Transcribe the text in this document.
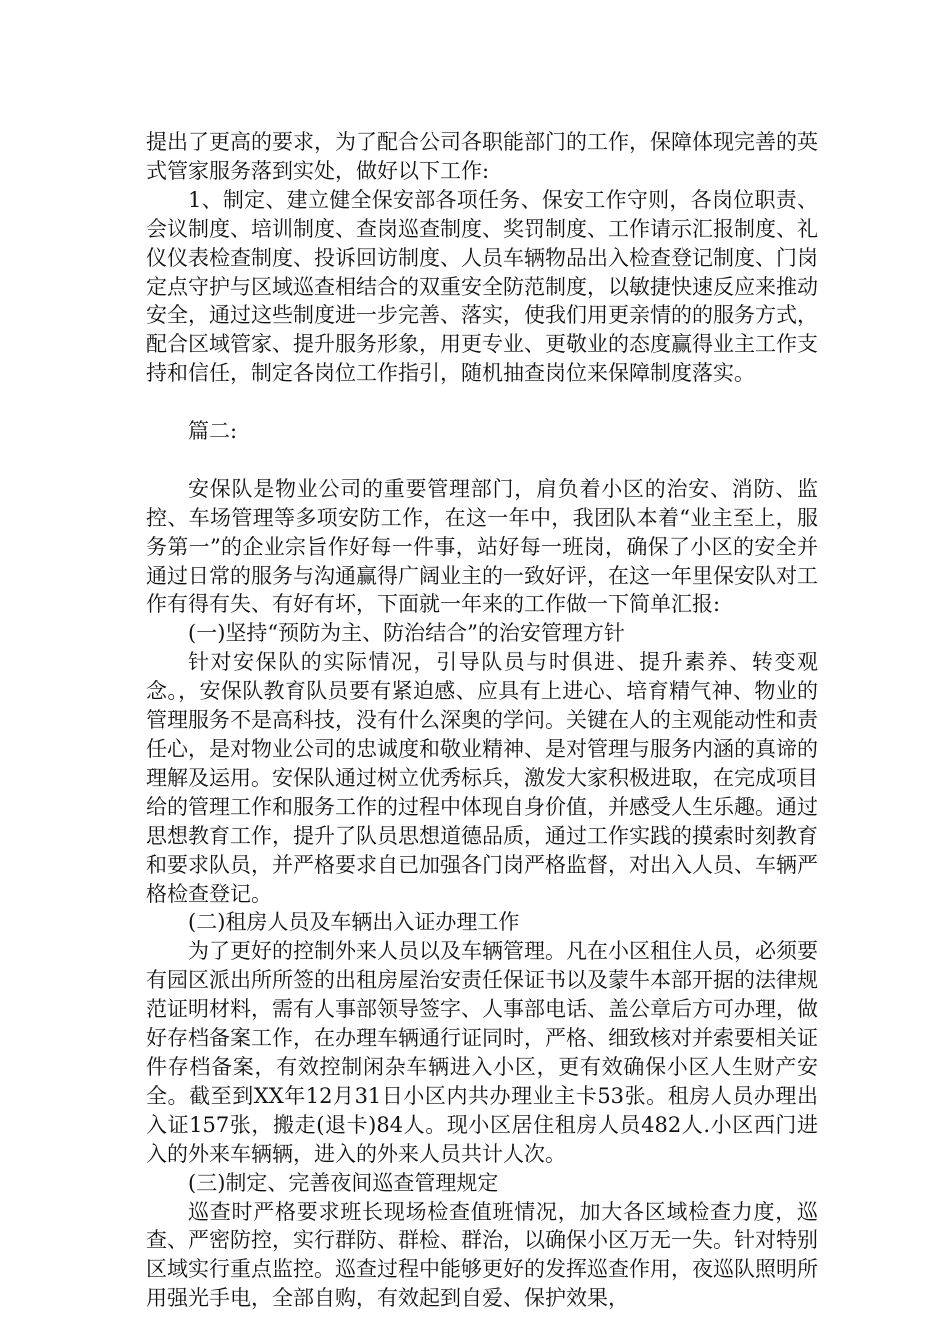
提出了更高的要求，为了配合公司各职能部门的工作，保障体现完善的英式管家服务落到实处，做好以下工作:

1、制定、建立健全保安部各项任务、保安工作守则，各岗位职责、会议制度、培训制度、查岗巡查制度、奖罚制度、工作请示汇报制度、礼仪仪表检查制度、投诉回访制度、人员车辆物品出入检查登记制度、门岗定点守护与区域巡查相结合的双重安全防范制度，以敏捷快速反应来推动安全，通过这些制度进一步完善、落实，使我们用更亲情的的服务方式，配合区域管家、提升服务形象，用更专业、更敬业的态度赢得业主工作支持和信任，制定各岗位工作指引，随机抽查岗位来保障制度落实。

篇二:

安保队是物业公司的重要管理部门，肩负着小区的治安、消防、监控、车场管理等多项安防工作，在这一年中，我团队本着“业主至上，服务第一”的企业宗旨作好每一件事，站好每一班岗，确保了小区的安全并通过日常的服务与沟通赢得广阔业主的一致好评，在这一年里保安队对工作有得有失、有好有坏，下面就一年来的工作做一下简单汇报:

(一)坚持“预防为主、防治结合”的治安管理方针

针对安保队的实际情况，引导队员与时俱进、提升素养、转变观念。，安保队教育队员要有紧迫感、应具有上进心、培育精气神、物业的管理服务不是高科技，没有什么深奥的学问。关键在人的主观能动性和责任心，是对物业公司的忠诚度和敬业精神、是对管理与服务内涵的真谛的理解及运用。安保队通过树立优秀标兵，激发大家积极进取，在完成项目给的管理工作和服务工作的过程中体现自身价值，并感受人生乐趣。通过思想教育工作，提升了队员思想道德品质，通过工作实践的摸索时刻教育和要求队员，并严格要求自已加强各门岗严格监督，对出入人员、车辆严格检查登记。

(二)租房人员及车辆出入证办理工作

为了更好的控制外来人员以及车辆管理。凡在小区租住人员，必须要有园区派出所所签的出租房屋治安责任保证书以及蒙牛本部开据的法律规范证明材料，需有人事部领导签字、人事部电话、盖公章后方可办理，做好存档备案工作，在办理车辆通行证同时，严格、细致核对并索要相关证件存档备案，有效控制闲杂车辆进入小区，更有效确保小区人生财产安全。截至到XX年12月31日小区内共办理业主卡53张。租房人员办理出入证157张，搬走(退卡)84人。现小区居住租房人员482人.小区西门进入的外来车辆辆，进入的外来人员共计人次。

(三)制定、完善夜间巡查管理规定

巡查时严格要求班长现场检查值班情况，加大各区域检查力度，巡查、严密防控，实行群防、群检、群治，以确保小区万无一失。针对特别区域实行重点监控。巡查过程中能够更好的发挥巡查作用，夜巡队照明所用强光手电，全部自购，有效起到自爱、保护效果，
